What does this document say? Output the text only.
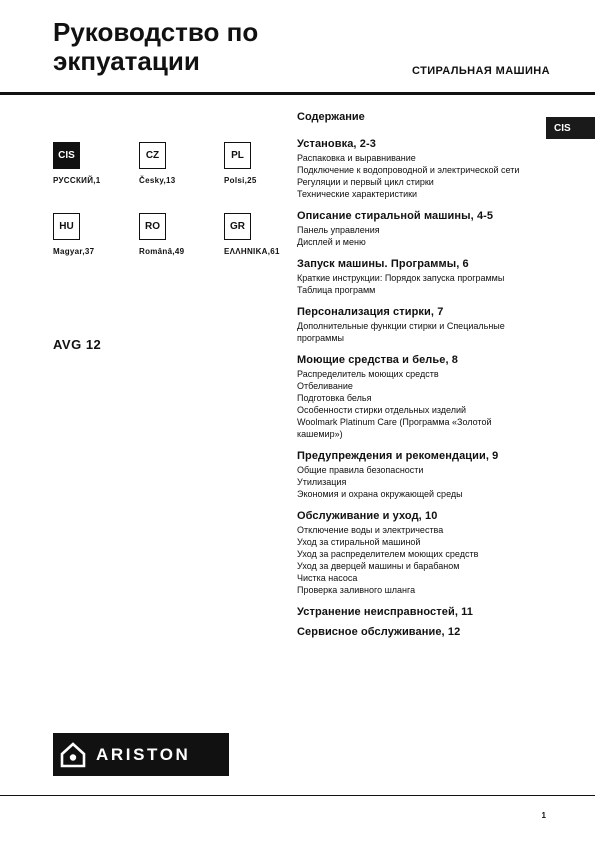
Руководство по
экпуатации	СТИРАЛЬНАЯ МАШИНА
CIS
CIS
РУССКИЙ,1
CZ
Česky,13
PL
Polsi,25
HU
Magyar,37
RO
Românâ,49
GR
ΕΛΛΗΝΙΚΑ,61
AVG 12
Содержание
Установка, 2-3
Распаковка и выравнивание
Подключение к водопроводной и электрической сети
Регуляции и первый цикл стирки
Технические характеристики
Описание стиральной машины, 4-5
Панель управления
Дисплей и меню
Запуск машины. Программы, 6
Краткие инструкции: Порядок запуска программы
Таблица программ
Персонализация стирки, 7
Дополнительные функции стирки и Специальные
программы
Моющие средства и белье, 8
Распределитель моющих средств
Отбеливание
Подготовка белья
Особенности стирки отдельных изделий
Woolmark Platinum Care (Программа «Золотой
кашемир»)
Предупреждения и рекомендации, 9
Общие правила безопасности
Утилизация
Экономия и охрана окружающей среды
Обслуживание и уход, 10
Отключение воды и электричества
Уход за стиральной машиной
Уход за распределителем моющих средств
Уход за дверцей машины и барабаном
Чистка насоса
Проверка заливного шланга
Устранение неисправностей, 11
Сервисное обслуживание, 12
ARISTON
1
